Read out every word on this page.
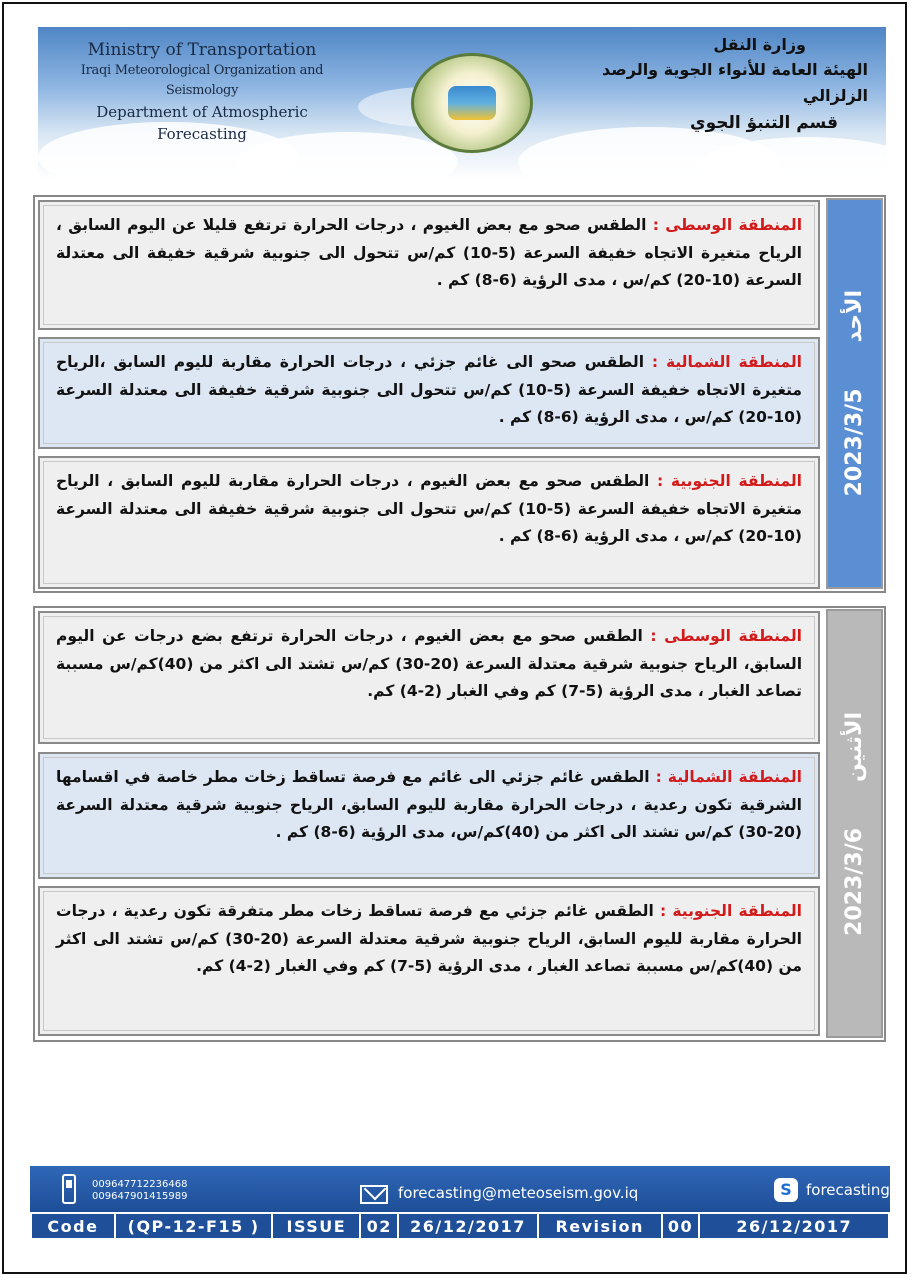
Ministry of Transportation
Iraqi Meteorological Organization and Seismology
Department of Atmospheric Forecasting
وزارة النقل
الهيئة العامة للأنواء الجوية والرصد الزلزالي
قسم التنبؤ الجوي
المنطقة الوسطى : الطقس صحو مع بعض الغيوم ، درجات الحرارة ترتفع قليلا عن اليوم السابق ، الرياح متغيرة الاتجاه خفيفة السرعة (5-10) كم/س تتحول الى جنوبية شرقية خفيفة الى معتدلة السرعة (10-20) كم/س ، مدى الرؤية (6-8) كم .
المنطقة الشمالية : الطقس صحو الى غائم جزئي ، درجات الحرارة مقاربة لليوم السابق ،الرياح متغيرة الاتجاه خفيفة السرعة (5-10) كم/س تتحول الى جنوبية شرقية خفيفة الى معتدلة السرعة (10-20) كم/س ، مدى الرؤية (6-8) كم .
المنطقة الجنوبية : الطقس صحو مع بعض الغيوم ، درجات الحرارة مقاربة لليوم السابق ، الرياح متغيرة الاتجاه خفيفة السرعة (5-10) كم/س تتحول الى جنوبية شرقية خفيفة الى معتدلة السرعة (10-20) كم/س ، مدى الرؤية (6-8) كم .
2023/3/5      الأحد
المنطقة الوسطى : الطقس صحو مع بعض الغيوم ، درجات الحرارة ترتفع بضع درجات عن اليوم السابق، الرياح جنوبية شرقية معتدلة السرعة (20-30) كم/س تشتد الى اكثر من (40)كم/س مسببة تصاعد الغبار ، مدى الرؤية (5-7) كم وفي الغبار (2-4) كم.
المنطقة الشمالية : الطقس غائم جزئي الى غائم مع فرصة تساقط زخات مطر خاصة في اقسامها الشرقية تكون رعدية ، درجات الحرارة مقاربة لليوم السابق، الرياح جنوبية شرقية معتدلة السرعة (20-30) كم/س تشتد الى اكثر من (40)كم/س، مدى الرؤية (6-8) كم .
المنطقة الجنوبية : الطقس غائم جزئي مع فرصة تساقط زخات مطر متفرقة تكون رعدية ، درجات الحرارة مقاربة لليوم السابق، الرياح جنوبية شرقية معتدلة السرعة (20-30) كم/س تشتد الى اكثر من (40)كم/س مسببة تصاعد الغبار ، مدى الرؤية (5-7) كم وفي الغبار (2-4) كم.
2023/3/6      الأثنين
009647712236468
009647901415989	forecasting@meteoseism.gov.iq	S forecasting
Code	(QP-12-F15 )	ISSUE	02	26/12/2017	Revision	00	26/12/2017
